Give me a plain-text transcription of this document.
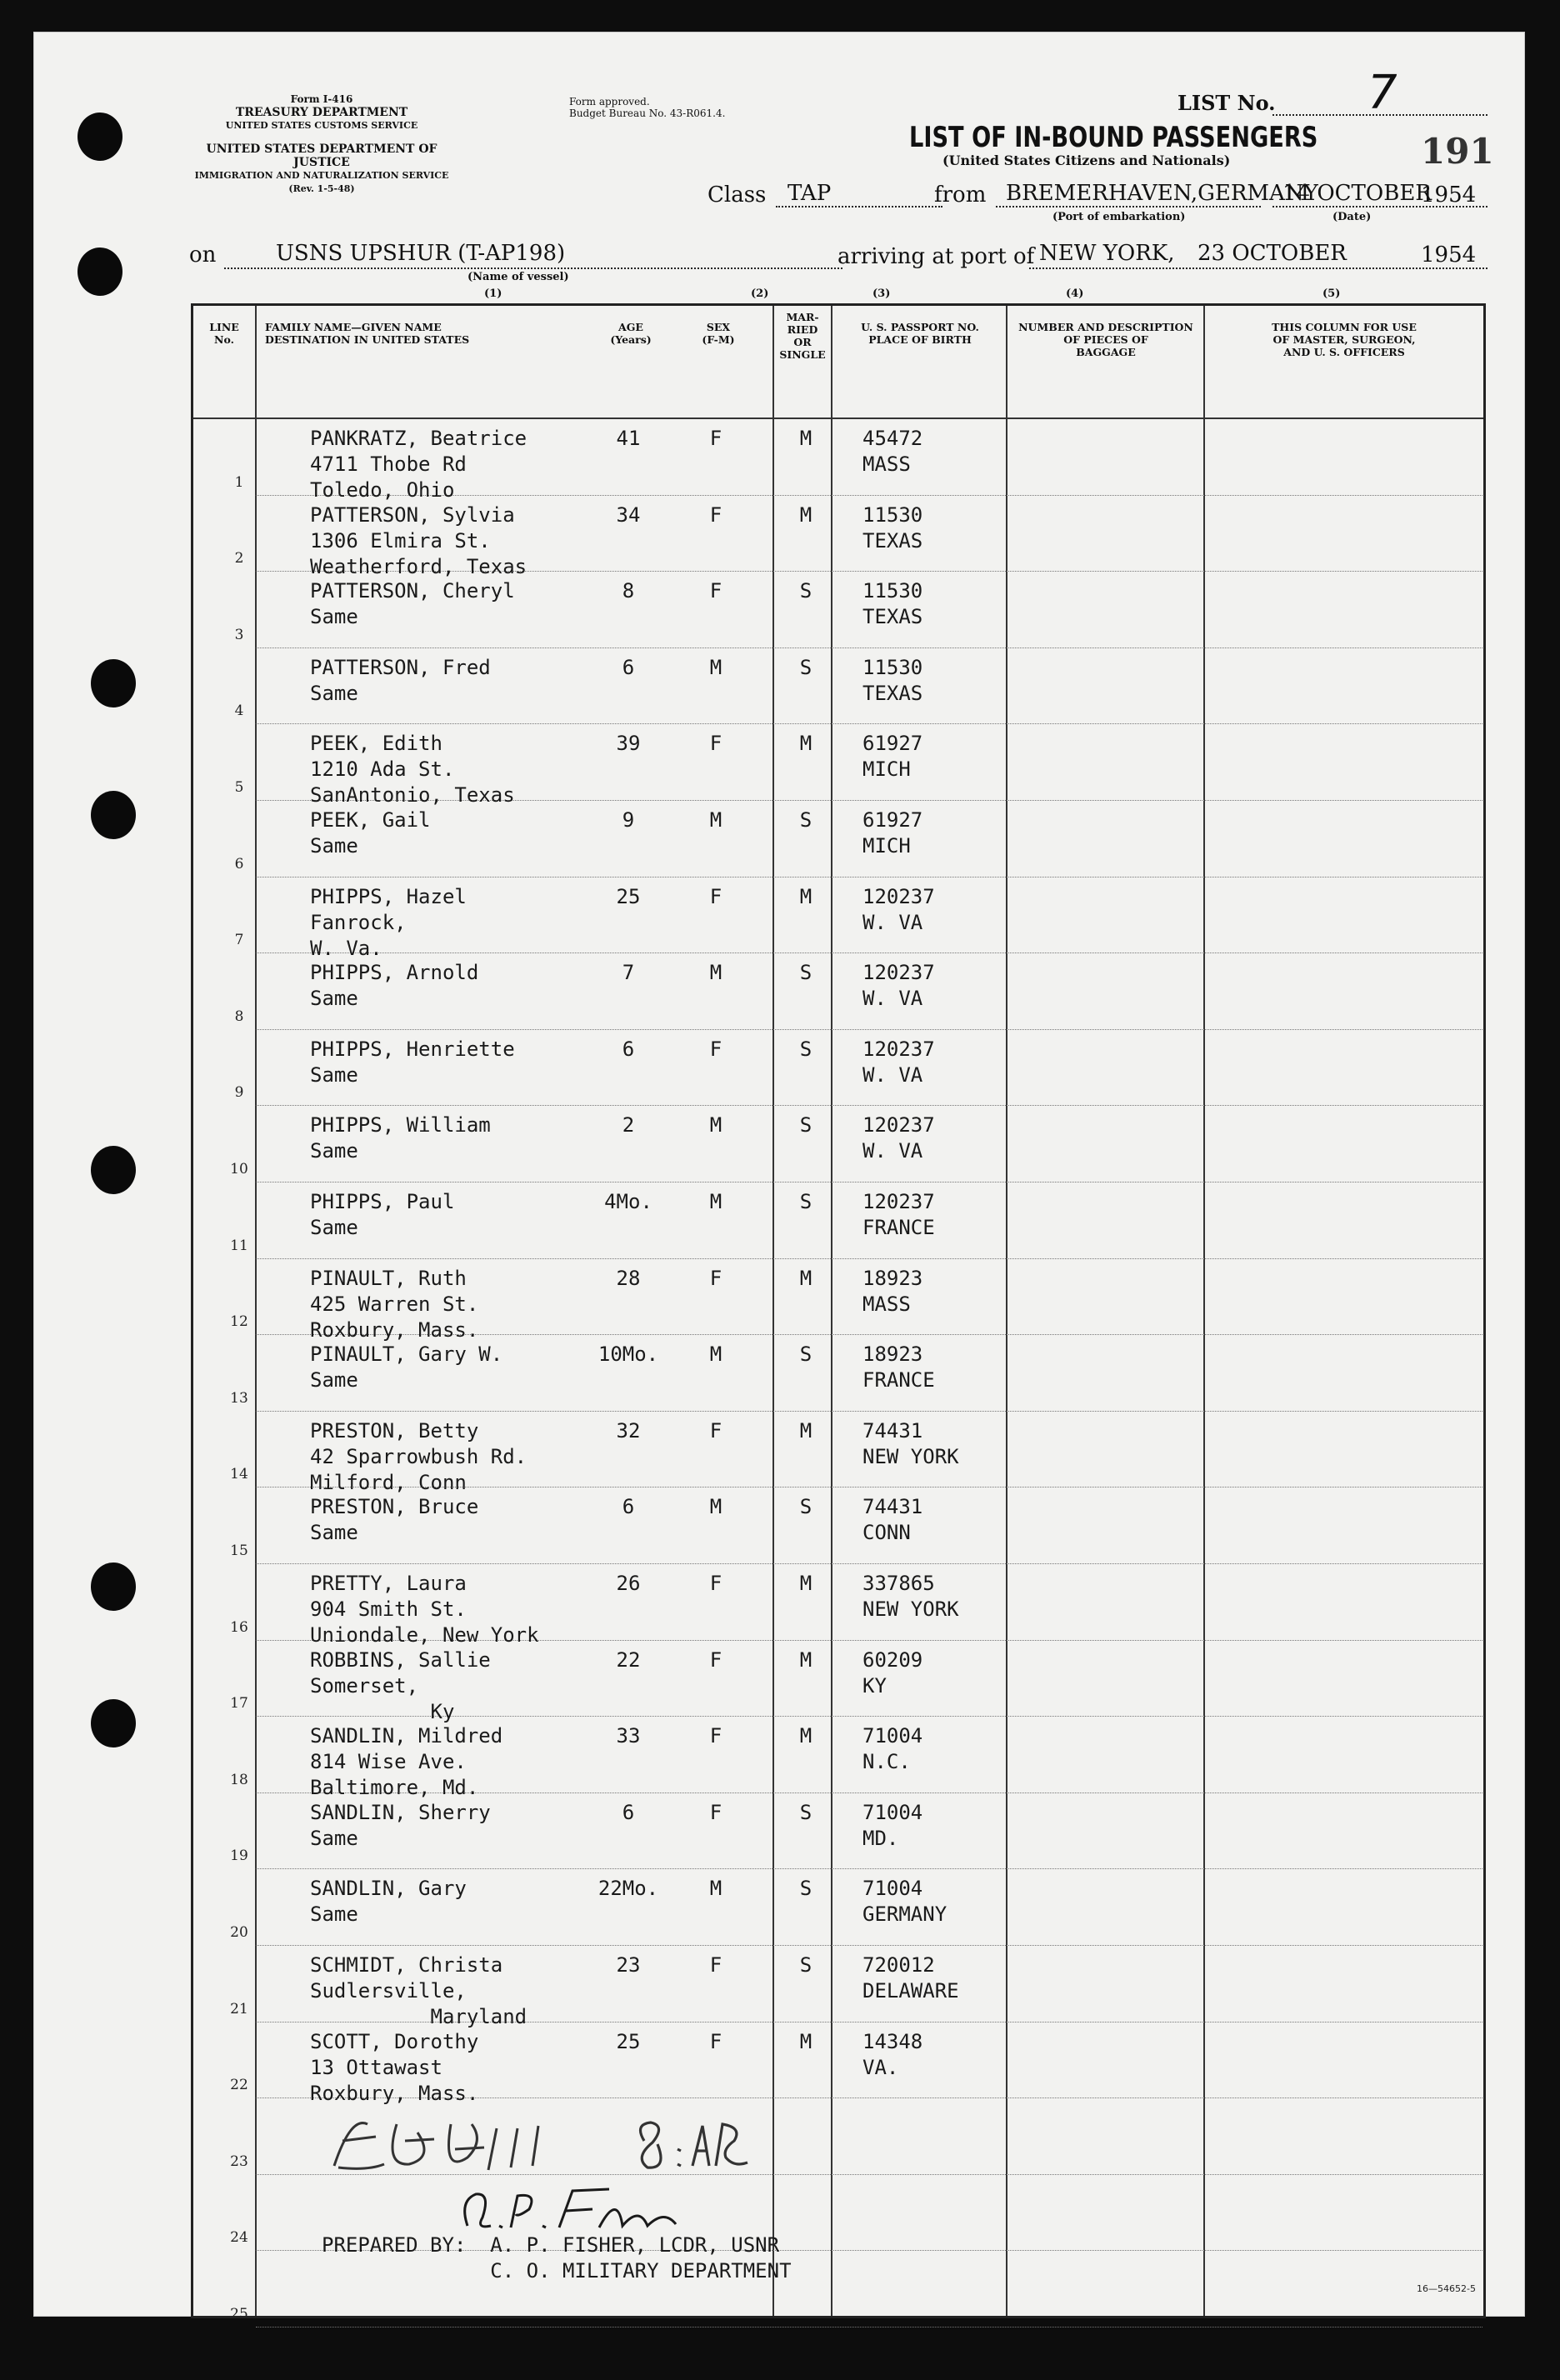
Form I-416
TREASURY DEPARTMENT
UNITED STATES CUSTOMS SERVICE
UNITED STATES DEPARTMENT OF JUSTICE
IMMIGRATION AND NATURALIZATION SERVICE
(Rev. 1-5-48)
Form approved.
Budget Bureau No. 43-R061.4.
LIST OF IN-BOUND PASSENGERS
(United States Citizens and Nationals)
LIST No. 7
191
Class TAP	from BREMERHAVEN,GERMANY
14 OCTOBER
1954
(Port of embarkation)	(Date)
on	USNS UPSHUR (T-AP198)
(Name of vessel)
arriving at port of NEW YORK, 23 OCTOBER	1954
(1)	(2)	(3)	(4)	(5)
LINE
No.
FAMILY NAME—GIVEN NAME
DESTINATION IN UNITED STATES
AGE
(Years)
SEX
(F-M)
MAR-
RIED
OR
SINGLE
U. S. PASSPORT NO.
PLACE OF BIRTH
NUMBER AND DESCRIPTION
OF PIECES OF
BAGGAGE
THIS COLUMN FOR USE
OF MASTER, SURGEON,
AND U. S. OFFICERS
1
PANKRATZ, Beatrice
4711 Thobe Rd
Toledo, Ohio
41	F	M	45472
MASS
2
PATTERSON, Sylvia
1306 Elmira St.
Weatherford, Texas
34	F	M	11530
TEXAS
3
PATTERSON, Cheryl
Same
8	F	S	11530
TEXAS
4
PATTERSON, Fred
Same
6	M	S	11530
TEXAS
5
PEEK, Edith
1210 Ada St.
SanAntonio, Texas
39	F	M	61927
MICH
6
PEEK, Gail
Same
9	M	S	61927
MICH
7
PHIPPS, Hazel
Fanrock,
W. Va.
25	F	M	120237
W. VA
8
PHIPPS, Arnold
Same
7	M	S	120237
W. VA
9
PHIPPS, Henriette
Same
6	F	S	120237
W. VA
10
PHIPPS, William
Same
2	M	S	120237
W. VA
11
PHIPPS, Paul
Same
4Mo.	M	S	120237
FRANCE
12
PINAULT, Ruth
425 Warren St.
Roxbury, Mass.
28	F	M	18923
MASS
13
PINAULT, Gary W.
Same
10Mo.	M	S	18923
FRANCE
14
PRESTON, Betty
42 Sparrowbush Rd.
Milford, Conn
32	F	M	74431
NEW YORK
15
PRESTON, Bruce
Same
6	M	S	74431
CONN
16
PRETTY, Laura
904 Smith St.
Uniondale, New York
26	F	M	337865
NEW YORK
17
ROBBINS, Sallie
Somerset,
Ky
22	F	M	60209
KY
18
SANDLIN, Mildred
814 Wise Ave.
Baltimore, Md.
33	F	M	71004
N.C.
19
SANDLIN, Sherry
Same
6	F	S	71004
MD.
20
SANDLIN, Gary
Same
22Mo.	M	S	71004
GERMANY
21
SCHMIDT, Christa
Sudlersville,
Maryland
23	F	S	720012
DELAWARE
22
SCOTT, Dorothy
13 Ottawast
Roxbury, Mass.
25	F	M	14348
VA.
23
24
25
PREPARED BY:  A. P. FISHER, LCDR, USNR
C. O. MILITARY DEPARTMENT
16—54652-5
